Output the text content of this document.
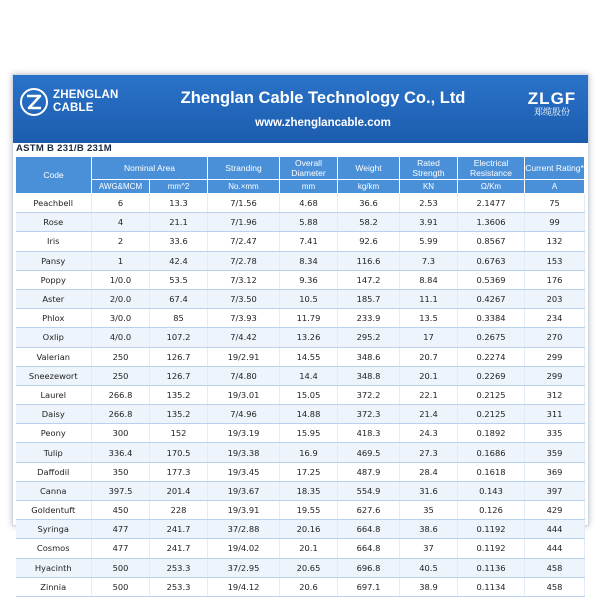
ZHENGLAN
CABLE
Zhenglan Cable Technology Co., Ltd
www.zhenglancable.com
ZLGF
郑缆股份
ASTM B 231/B 231M
Code	Nominal Area		Stranding	Overall Diameter	Weight	Rated Strength	Electrical Resistance	Current Rating*
	AWG&MCM	mm^2	No.×mm	mm	kg/km	KN	Ω/Km	A
Peachbell	6	13.3	7/1.56	4.68	36.6	2.53	2.1477	75
Rose	4	21.1	7/1.96	5.88	58.2	3.91	1.3606	99
Iris	2	33.6	7/2.47	7.41	92.6	5.99	0.8567	132
Pansy	1	42.4	7/2.78	8.34	116.6	7.3	0.6763	153
Poppy	1/0.0	53.5	7/3.12	9.36	147.2	8.84	0.5369	176
Aster	2/0.0	67.4	7/3.50	10.5	185.7	11.1	0.4267	203
Phlox	3/0.0	85	7/3.93	11.79	233.9	13.5	0.3384	234
Oxlip	4/0.0	107.2	7/4.42	13.26	295.2	17	0.2675	270
Valerian	250	126.7	19/2.91	14.55	348.6	20.7	0.2274	299
Sneezewort	250	126.7	7/4.80	14.4	348.8	20.1	0.2269	299
Laurel	266.8	135.2	19/3.01	15.05	372.2	22.1	0.2125	312
Daisy	266.8	135.2	7/4.96	14.88	372.3	21.4	0.2125	311
Peony	300	152	19/3.19	15.95	418.3	24.3	0.1892	335
Tulip	336.4	170.5	19/3.38	16.9	469.5	27.3	0.1686	359
Daffodil	350	177.3	19/3.45	17.25	487.9	28.4	0.1618	369
Canna	397.5	201.4	19/3.67	18.35	554.9	31.6	0.143	397
Goldentuft	450	228	19/3.91	19.55	627.6	35	0.126	429
Syringa	477	241.7	37/2.88	20.16	664.8	38.6	0.1192	444
Cosmos	477	241.7	19/4.02	20.1	664.8	37	0.1192	444
Hyacinth	500	253.3	37/2.95	20.65	696.8	40.5	0.1136	458
Zinnia	500	253.3	19/4.12	20.6	697.1	38.9	0.1134	458
